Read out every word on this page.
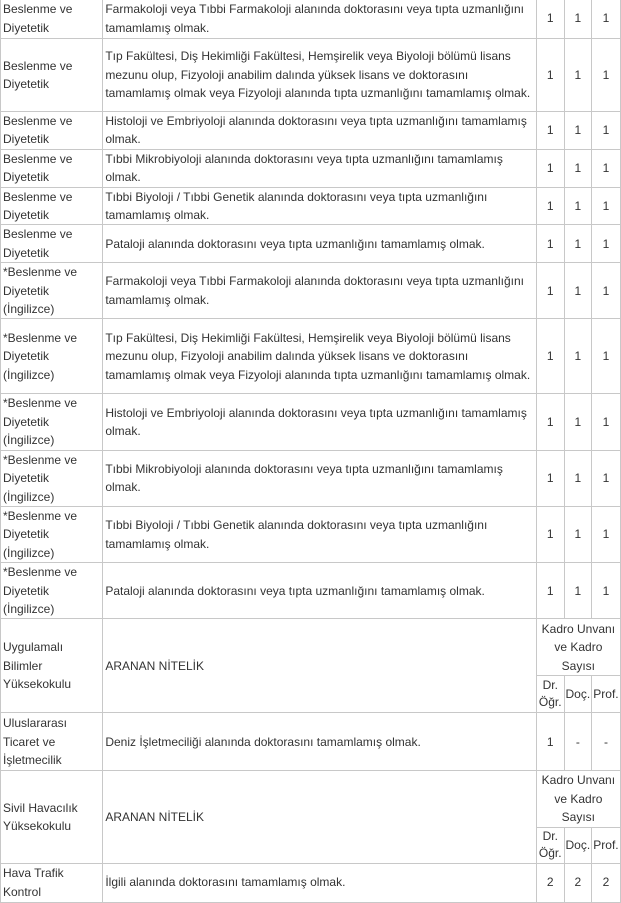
Beslenme ve Diyetetik	Farmakoloji veya Tıbbi Farmakoloji alanında doktorasını veya tıpta uzmanlığını tamamlamış olmak.	1	1	1
Beslenme ve Diyetetik	Tıp Fakültesi, Diş Hekimliği Fakültesi, Hemşirelik veya Biyoloji bölümü lisans mezunu olup, Fizyoloji anabilim dalında yüksek lisans ve doktorasını tamamlamış olmak veya Fizyoloji alanında tıpta uzmanlığını tamamlamış olmak.	1	1	1
Beslenme ve Diyetetik	Histoloji ve Embriyoloji alanında doktorasını veya tıpta uzmanlığını tamamlamış olmak.	1	1	1
Beslenme ve Diyetetik	Tıbbi Mikrobiyoloji alanında doktorasını veya tıpta uzmanlığını tamamlamış olmak.	1	1	1
Beslenme ve Diyetetik	Tıbbi Biyoloji / Tıbbi Genetik alanında doktorasını veya tıpta uzmanlığını tamamlamış olmak.	1	1	1
Beslenme ve Diyetetik	Pataloji alanında doktorasını veya tıpta uzmanlığını tamamlamış olmak.	1	1	1
*Beslenme ve Diyetetik (İngilizce)	Farmakoloji veya Tıbbi Farmakoloji alanında doktorasını veya tıpta uzmanlığını tamamlamış olmak.	1	1	1
*Beslenme ve Diyetetik (İngilizce)	Tıp Fakültesi, Diş Hekimliği Fakültesi, Hemşirelik veya Biyoloji bölümü lisans mezunu olup, Fizyoloji anabilim dalında yüksek lisans ve doktorasını tamamlamış olmak veya Fizyoloji alanında tıpta uzmanlığını tamamlamış olmak.	1	1	1
*Beslenme ve Diyetetik (İngilizce)	Histoloji ve Embriyoloji alanında doktorasını veya tıpta uzmanlığını tamamlamış olmak.	1	1	1
*Beslenme ve Diyetetik (İngilizce)	Tıbbi Mikrobiyoloji alanında doktorasını veya tıpta uzmanlığını tamamlamış olmak.	1	1	1
*Beslenme ve Diyetetik (İngilizce)	Tıbbi Biyoloji / Tıbbi Genetik alanında doktorasını veya tıpta uzmanlığını tamamlamış olmak.	1	1	1
*Beslenme ve Diyetetik (İngilizce)	Pataloji alanında doktorasını veya tıpta uzmanlığını tamamlamış olmak.	1	1	1
Uygulamalı Bilimler Yüksekokulu	ARANAN NİTELİK	Kadro Unvanı ve Kadro Sayısı		
		Dr. Öğr.	Doç.	Prof.
Uluslararası Ticaret ve İşletmecilik	Deniz İşletmeciliği alanında doktorasını tamamlamış olmak.	1	-	-
Sivil Havacılık Yüksekokulu	ARANAN NİTELİK	Kadro Unvanı ve Kadro Sayısı		
		Dr. Öğr.	Doç.	Prof.
Hava Trafik Kontrol	İlgili alanında doktorasını tamamlamış olmak.	2	2	2
